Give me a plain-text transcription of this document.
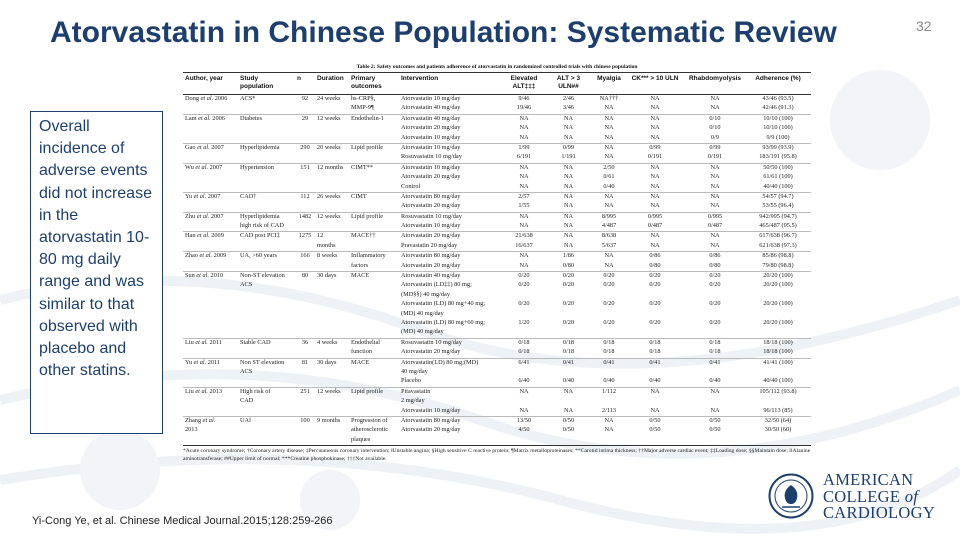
Atorvastatin in Chinese Population: Systematic Review	32
Overall incidence of adverse events did not increase in the atorvastatin 10-80 mg daily range and was similar to that observed with placebo and other statins.
Table 2: Safety outcomes and patients adherence of atorvastatin in randomized controlled trials with chinese population
Author, year	Study population	n	Duration	Primary outcomes	Intervention	Elevated ALT‡‡‡	ALT > 3 ULN##	Myalgia	CK*** > 10 ULN	Rhabdomyolysis	Adherence (%)
Dong et al. 2006	ACS*	92	24 weeks	hs-CRP§,	Atorvastatin 10 mg/day	9/46	2/46	NA†††	NA	NA	43/46 (93.5)
				MMP-9¶	Atorvastatin 40 mg/day	19/46	3/46	NA	NA	NA	42/46 (91.3)
Lam et al. 2006	Diabetes	29	12 weeks	Endothelin-1	Atorvastatin 40 mg/day	NA	NA	NA	NA	0/10	10/10 (100)
					Atorvastatin 20 mg/day	NA	NA	NA	NA	0/10	10/10 (100)
					Atorvastatin 10 mg/day	NA	NA	NA	NA	0/9	9/9 (100)
Gao et al. 2007	Hyperlipidemia	290	20 weeks	Lipid profile	Atorvastatin 10 mg/day	1/99	0/99	NA	0/99	0/99	93/99 (93.9)
					Rosuvastatin 10 mg/day	6/191	1/191	NA	0/191	0/191	183/191 (95.8)
Wu et al. 2007	Hypertension	151	12 months	CIMT**	Atorvastatin 10 mg/day	NA	NA	2/50	NA	NA	50/50 (100)
					Atorvastatin 20 mg/day	NA	NA	0/61	NA	NA	61/61 (100)
					Control	NA	NA	0/40	NA	NA	40/40 (100)
Yu et al. 2007	CAD†	112	26 weeks	CIMT	Atorvastatin 80 mg/day	2/57	NA	NA	NA	NA	54/57 (94.7)
					Atorvastatin 20 mg/day	1/55	NA	NA	NA	NA	53/55 (96.4)
Zhu et al. 2007	Hyperlipidemia	1482	12 weeks	Lipid profile	Rosuvastatin 10 mg/day	NA	NA	8/995	0/995	0/995	942/995 (94.7)
	high risk of CAD				Atorvastatin 10 mg/day	NA	NA	4/487	0/487	0/487	465/487 (95.5)
Han et al. 2009	CAD post PCI‡	1275	12	MACE††	Atorvastatin 20 mg/day	21/638	NA	8/638	NA	NA	617/638 (96.7)
			months		Pravastatin 20 mg/day	16/637	NA	5/637	NA	NA	621/638 (97.3)
Zhao et al. 2009	UA, >60 years	166	8 weeks	Inflammatory	Atorvastatin 80 mg/day	NA	1/86	NA	0/86	0/86	85/86 (98.8)
				factors	Atorvastatin 20 mg/day	NA	0/80	NA	0/80	0/80	79/80 (98.8)
Sun et al. 2010	Non-ST elevation	80	30 days	MACE	Atorvastatin 40 mg/day	0/20	0/20	0/20	0/20	0/20	20/20 (100)
	ACS				Atorvastatin (LD‡‡) 80 mg;	0/20	0/20	0/20	0/20	0/20	20/20 (100)
					(MD§§) 40 mg/day						
					Atorvastatin (LD) 80 mg+40 mg;	0/20	0/20	0/20	0/20	0/20	20/20 (100)
					(MD) 40 mg/day						
					Atorvastatin (LD) 80 mg+60 mg;	1/20	0/20	0/20	0/20	0/20	20/20 (100)
					(MD) 40 mg/day						
Liu et al. 2011	Stable CAD	36	4 weeks	Endothelial	Rosuvastatin 10 mg/day	0/18	0/18	0/18	0/18	0/18	18/18 (100)
				function	Atorvastatin 20 mg/day	0/18	0/18	0/18	0/18	0/18	18/18 (100)
Yu et al. 2011	Non ST elevation	81	30 days	MACE	Atorvastatin(LD) 80 mg;(MD)	6/41	0/41	0/41	0/41	0/41	41/41 (100)
	ACS				40 mg/day						
					Placebo	6/40	0/40	0/40	0/40	0/40	40/40 (100)
Liu et al. 2013	High risk of	251	12 weeks	Lipid profile	Pitavastatin	NA	NA	1/112	NA	NA	105/112 (93.8)
	CAD				2 mg/day						
					Atorvastatin 10 mg/day	NA	NA	2/113	NA	NA	96/113 (85)
Zhang et al.	UA‖	100	9 months	Progression of	Atorvastatin 80 mg/day	13/50	0/50	NA	0/50	0/50	32/50 (64)
2013				atherosclerotic	Atorvastatin 20 mg/day	4/50	0/50	NA	0/50	0/50	30/50 (60)
				plaques							
*Acute coronary syndrome; †Coronary artery disease; ‡Percutaneous coronary intervention; ‖Unstable angina; §High sensitive C reactive protein; ¶Matrix metalloproteinases; **Carotid intima thickness; ††Major adverse cardiac event; ‡‡Loading dose; §§Maintain dose; ‖‖Alanine aminotransferase; ##Upper limit of normal; ***Creatine phosphokinase; †††Not available.
Yi-Cong Ye, et al. Chinese Medical Journal.2015;128:259-266
AMERICAN
COLLEGE of
CARDIOLOGY
